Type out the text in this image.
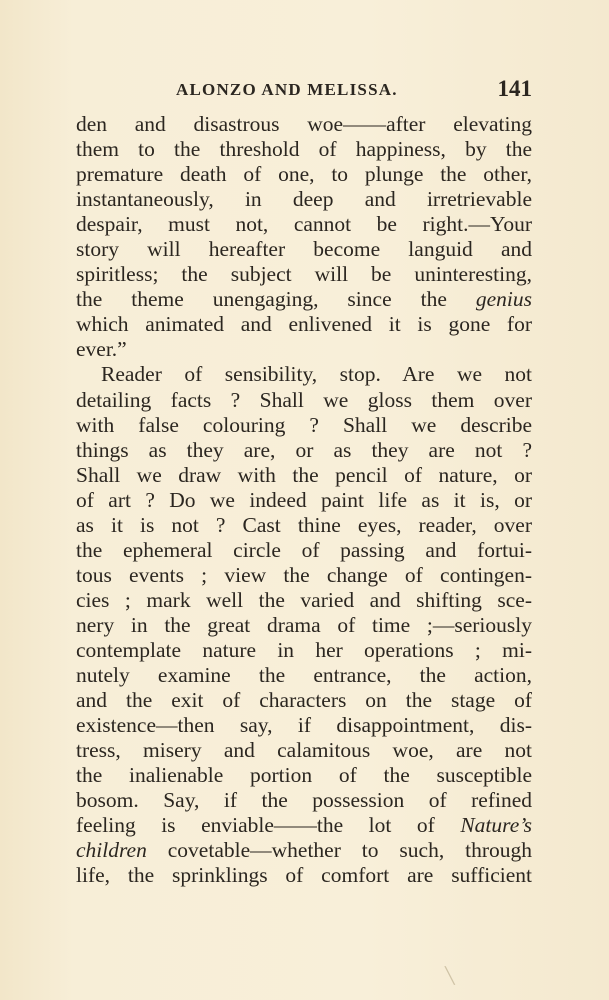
ALONZO AND MELISSA.	141
den and disastrous woe——after elevating
them to the threshold of happiness, by the
premature death of one, to plunge the other,
instantaneously, in deep and irretrievable
despair, must not, cannot be right.—Your
story will hereafter become languid and
spiritless; the subject will be uninteresting,
the theme unengaging, since the genius
which animated and enlivened it is gone for
ever.”
Reader of sensibility, stop. Are we not
detailing facts ? Shall we gloss them over
with false colouring ? Shall we describe
things as they are, or as they are not ?
Shall we draw with the pencil of nature, or
of art ? Do we indeed paint life as it is, or
as it is not ? Cast thine eyes, reader, over
the ephemeral circle of passing and fortui-
tous events ; view the change of contingen-
cies ; mark well the varied and shifting sce-
nery in the great drama of time ;—seriously
contemplate nature in her operations ; mi-
nutely examine the entrance, the action,
and the exit of characters on the stage of
existence—then say, if disappointment, dis-
tress, misery and calamitous woe, are not
the inalienable portion of the susceptible
bosom. Say, if the possession of refined
feeling is enviable——the lot of Nature’s
children covetable—whether to such, through
life, the sprinklings of comfort are sufficient
╲
